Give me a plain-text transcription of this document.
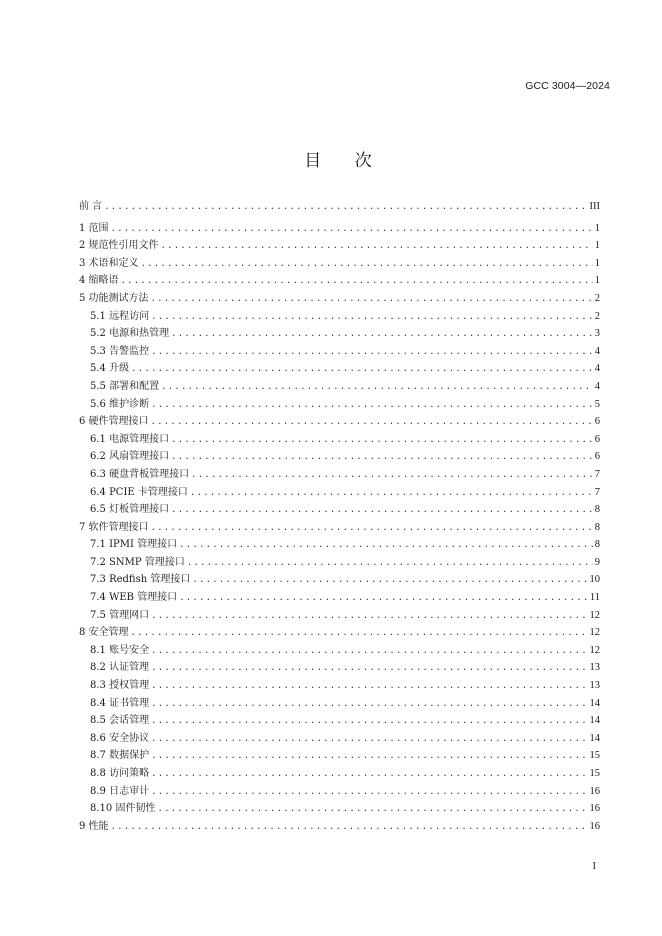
GCC 3004—2024
目 次
前 言 .....	III
1 范围 .....	1
2 规范性引用文件 .....	1
3 术语和定义 .....	1
4 缩略语 .....	1
5 功能测试方法 .....	2
5.1 远程访问 .....	2
5.2 电源和热管理 .....	3
5.3 告警监控 .....	4
5.4 升级 .....	4
5.5 部署和配置 .....	4
5.6 维护诊断 .....	5
6 硬件管理接口 .....	6
6.1 电源管理接口 .....	6
6.2 风扇管理接口 .....	6
6.3 硬盘背板管理接口 .....	7
6.4 PCIE 卡管理接口 .....	7
6.5 灯板管理接口 .....	8
7 软件管理接口 .....	8
7.1 IPMI 管理接口 .....	8
7.2 SNMP 管理接口 .....	9
7.3 Redfish 管理接口 .....	10
7.4 WEB 管理接口 .....	11
7.5 管理网口 .....	12
8 安全管理 .....	12
8.1 账号安全 .....	12
8.2 认证管理 .....	13
8.3 授权管理 .....	13
8.4 证书管理 .....	14
8.5 会话管理 .....	14
8.6 安全协议 .....	14
8.7 数据保护 .....	15
8.8 访问策略 .....	15
8.9 日志审计 .....	16
8.10 固件韧性 .....	16
9 性能 .....	16
I
